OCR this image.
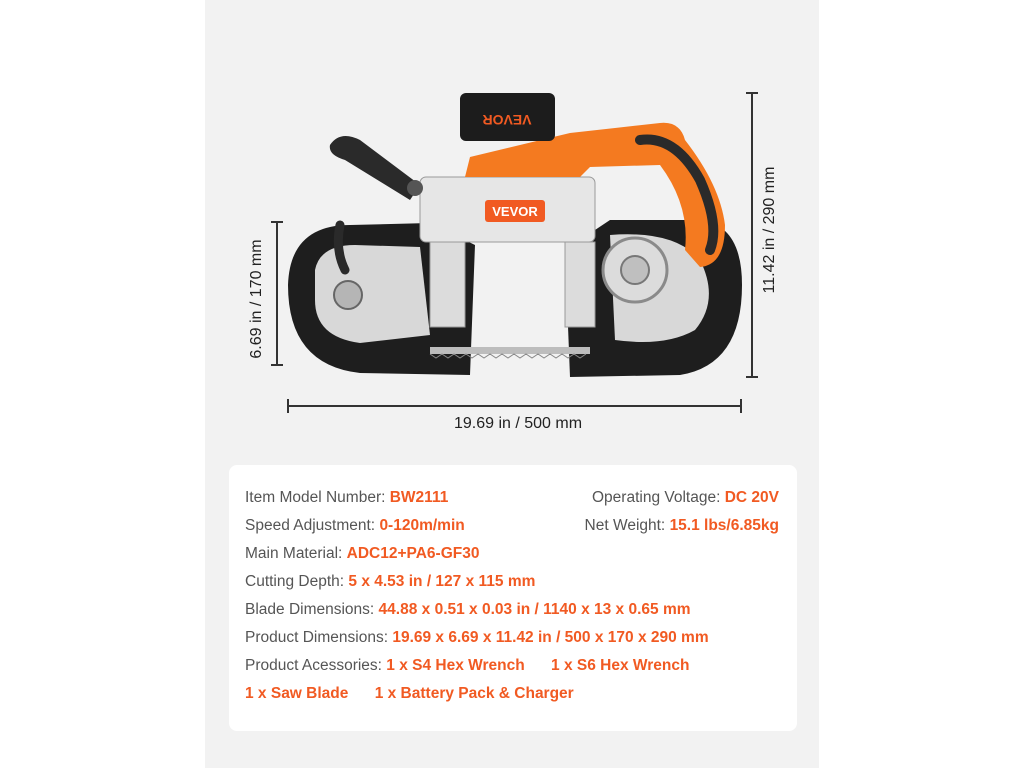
VEVOR
VEVOR
6.69 in / 170 mm
11.42 in / 290 mm
19.69 in / 500 mm
Item Model Number: BW2111	Operating Voltage: DC 20V
Speed Adjustment: 0-120m/min	Net Weight: 15.1 lbs/6.85kg
Main Material: ADC12+PA6-GF30
Cutting Depth: 5 x 4.53 in / 127 x 115 mm
Blade Dimensions: 44.88 x 0.51 x 0.03 in / 1140 x 13 x 0.65 mm
Product Dimensions: 19.69 x 6.69 x 11.42 in / 500 x 170 x 290 mm
Product Acessories: 1 x S4 Hex Wrench 1 x S6 Hex Wrench
1 x Saw Blade 1 x Battery Pack & Charger
